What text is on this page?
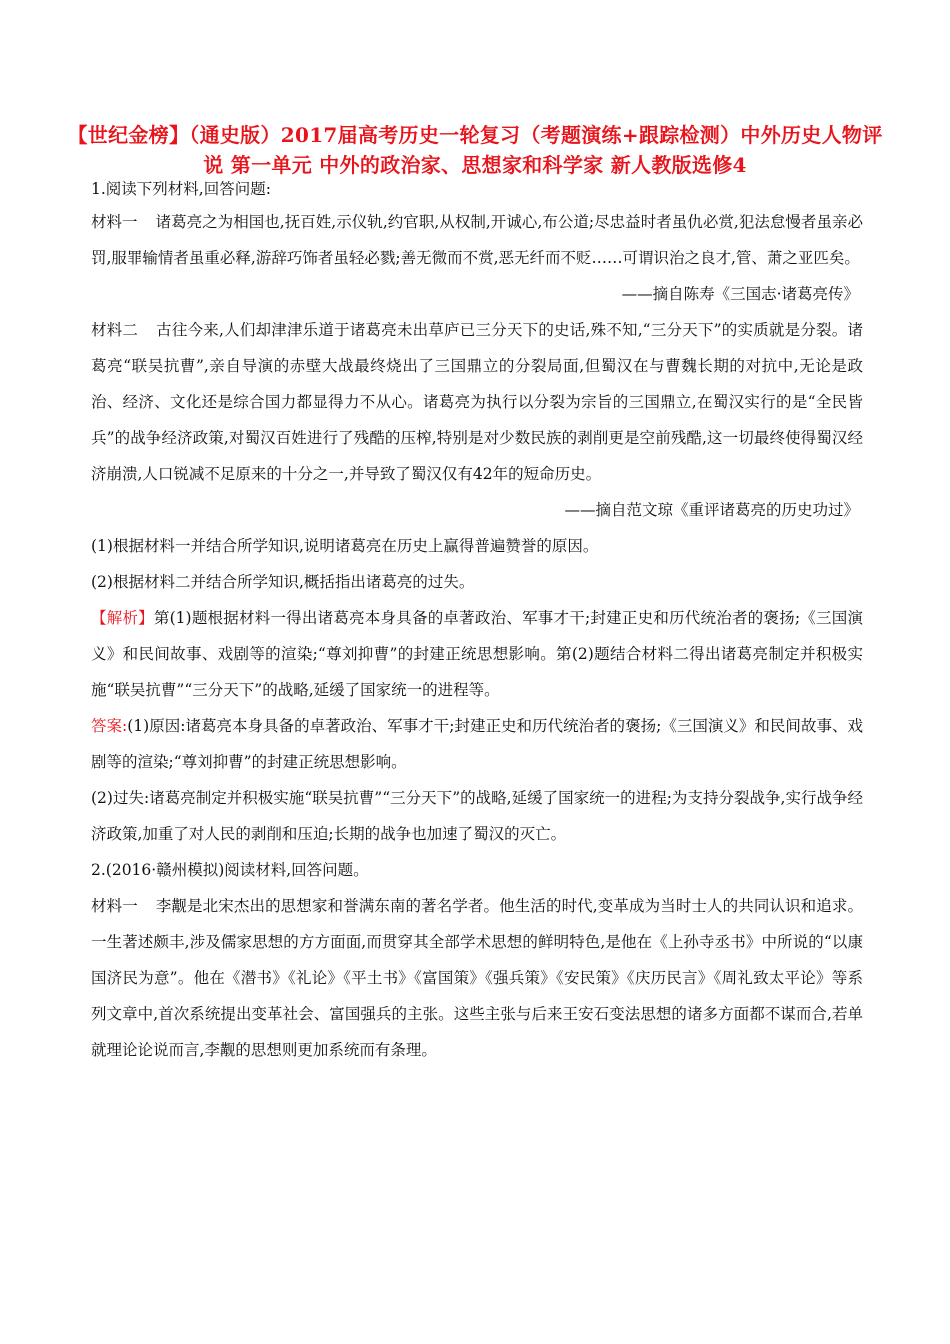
【世纪金榜】（通史版）2017届高考历史一轮复习（考题演练+跟踪检测）中外历史人物评说 第一单元 中外的政治家、思想家和科学家 新人教版选修4

1.阅读下列材料,回答问题:

材料一 诸葛亮之为相国也,抚百姓,示仪轨,约官职,从权制,开诚心,布公道;尽忠益时者虽仇必赏,犯法怠慢者虽亲必罚,服罪输情者虽重必释,游辞巧饰者虽轻必戮;善无微而不赏,恶无纤而不贬……可谓识治之良才,管、萧之亚匹矣。

——摘自陈寿《三国志·诸葛亮传》

材料二 古往今来,人们却津津乐道于诸葛亮未出草庐已三分天下的史话,殊不知,“三分天下”的实质就是分裂。诸葛亮“联吴抗曹”,亲自导演的赤壁大战最终烧出了三国鼎立的分裂局面,但蜀汉在与曹魏长期的对抗中,无论是政治、经济、文化还是综合国力都显得力不从心。诸葛亮为执行以分裂为宗旨的三国鼎立,在蜀汉实行的是“全民皆兵”的战争经济政策,对蜀汉百姓进行了残酷的压榨,特别是对少数民族的剥削更是空前残酷,这一切最终使得蜀汉经济崩溃,人口锐减不足原来的十分之一,并导致了蜀汉仅有42年的短命历史。

——摘自范文琼《重评诸葛亮的历史功过》

(1)根据材料一并结合所学知识,说明诸葛亮在历史上赢得普遍赞誉的原因。

(2)根据材料二并结合所学知识,概括指出诸葛亮的过失。

【解析】第(1)题根据材料一得出诸葛亮本身具备的卓著政治、军事才干;封建正史和历代统治者的褒扬;《三国演义》和民间故事、戏剧等的渲染;“尊刘抑曹”的封建正统思想影响。第(2)题结合材料二得出诸葛亮制定并积极实施“联吴抗曹”“三分天下”的战略,延缓了国家统一的进程等。

答案:(1)原因:诸葛亮本身具备的卓著政治、军事才干;封建正史和历代统治者的褒扬;《三国演义》和民间故事、戏剧等的渲染;“尊刘抑曹”的封建正统思想影响。

(2)过失:诸葛亮制定并积极实施“联吴抗曹”“三分天下”的战略,延缓了国家统一的进程;为支持分裂战争,实行战争经济政策,加重了对人民的剥削和压迫;长期的战争也加速了蜀汉的灭亡。

2.(2016·赣州模拟)阅读材料,回答问题。

材料一 李觏是北宋杰出的思想家和誉满东南的著名学者。他生活的时代,变革成为当时士人的共同认识和追求。一生著述颇丰,涉及儒家思想的方方面面,而贯穿其全部学术思想的鲜明特色,是他在《上孙寺丞书》中所说的“以康国济民为意”。他在《潜书》《礼论》《平土书》《富国策》《强兵策》《安民策》《庆历民言》《周礼致太平论》等系列文章中,首次系统提出变革社会、富国强兵的主张。这些主张与后来王安石变法思想的诸多方面都不谋而合,若单就理论论说而言,李觏的思想则更加系统而有条理。
